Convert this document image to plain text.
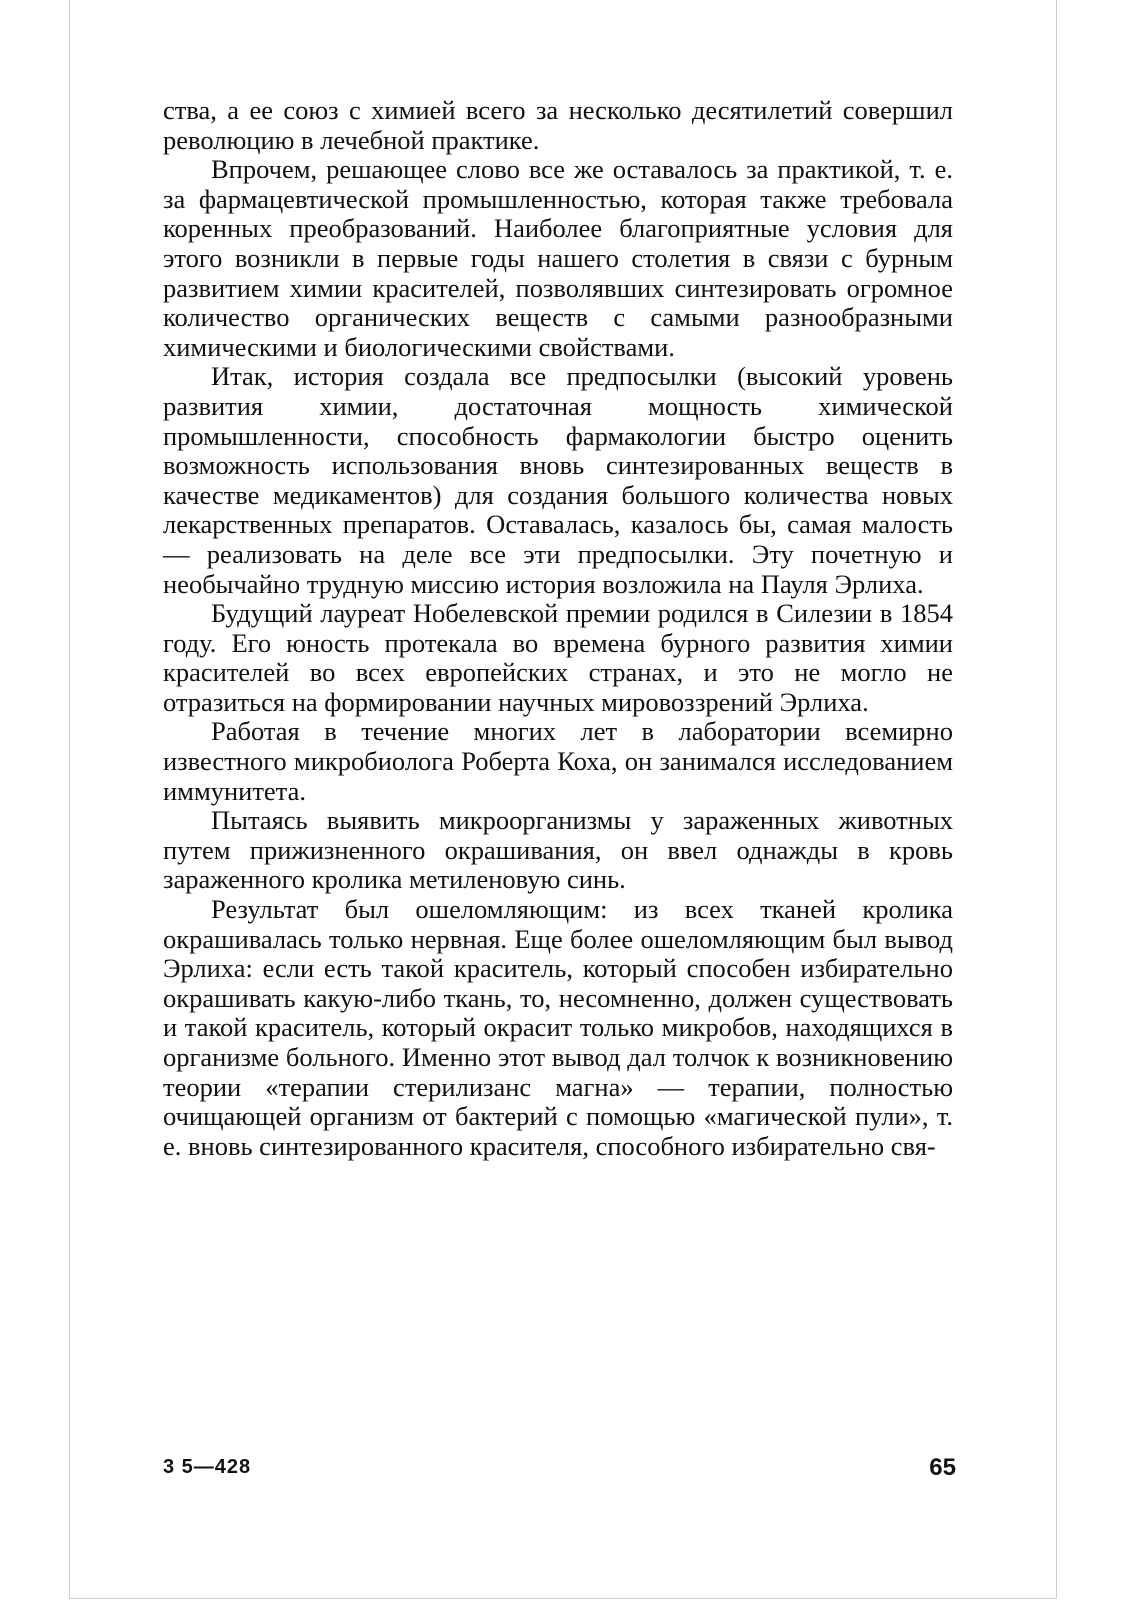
ства, а ее союз с химией всего за несколько десятилетий совершил революцию в лечебной практике.

Впрочем, решающее слово все же оставалось за практикой, т. е. за фармацевтической промышленностью, которая также требовала коренных преобразований. Наиболее благоприятные условия для этого возникли в первые годы нашего столетия в связи с бурным развитием химии красителей, позволявших синтезировать огромное количество органических веществ с самыми разнообразными химическими и биологическими свойствами.

Итак, история создала все предпосылки (высокий уровень развития химии, достаточная мощность химической промышленности, способность фармакологии быстро оценить возможность использования вновь синтезированных веществ в качестве медикаментов) для создания большого количества новых лекарственных препаратов. Оставалась, казалось бы, самая малость — реализовать на деле все эти предпосылки. Эту почетную и необычайно трудную миссию история возложила на Пауля Эрлиха.

Будущий лауреат Нобелевской премии родился в Силезии в 1854 году. Его юность протекала во времена бурного развития химии красителей во всех европейских странах, и это не могло не отразиться на формировании научных мировоззрений Эрлиха.

Работая в течение многих лет в лаборатории всемирно известного микробиолога Роберта Коха, он занимался исследованием иммунитета.

Пытаясь выявить микроорганизмы у зараженных животных путем прижизненного окрашивания, он ввел однажды в кровь зараженного кролика метиленовую синь.

Результат был ошеломляющим: из всех тканей кролика окрашивалась только нервная. Еще более ошеломляющим был вывод Эрлиха: если есть такой краситель, который способен избирательно окрашивать какую-либо ткань, то, несомненно, должен существовать и такой краситель, который окрасит только микробов, находящихся в организме больного. Именно этот вывод дал толчок к возникновению теории «терапии стерилизанс магна» — терапии, полностью очищающей организм от бактерий с помощью «магической пули», т. е. вновь синтезированного красителя, способного избирательно свя-

3 5—428	65
